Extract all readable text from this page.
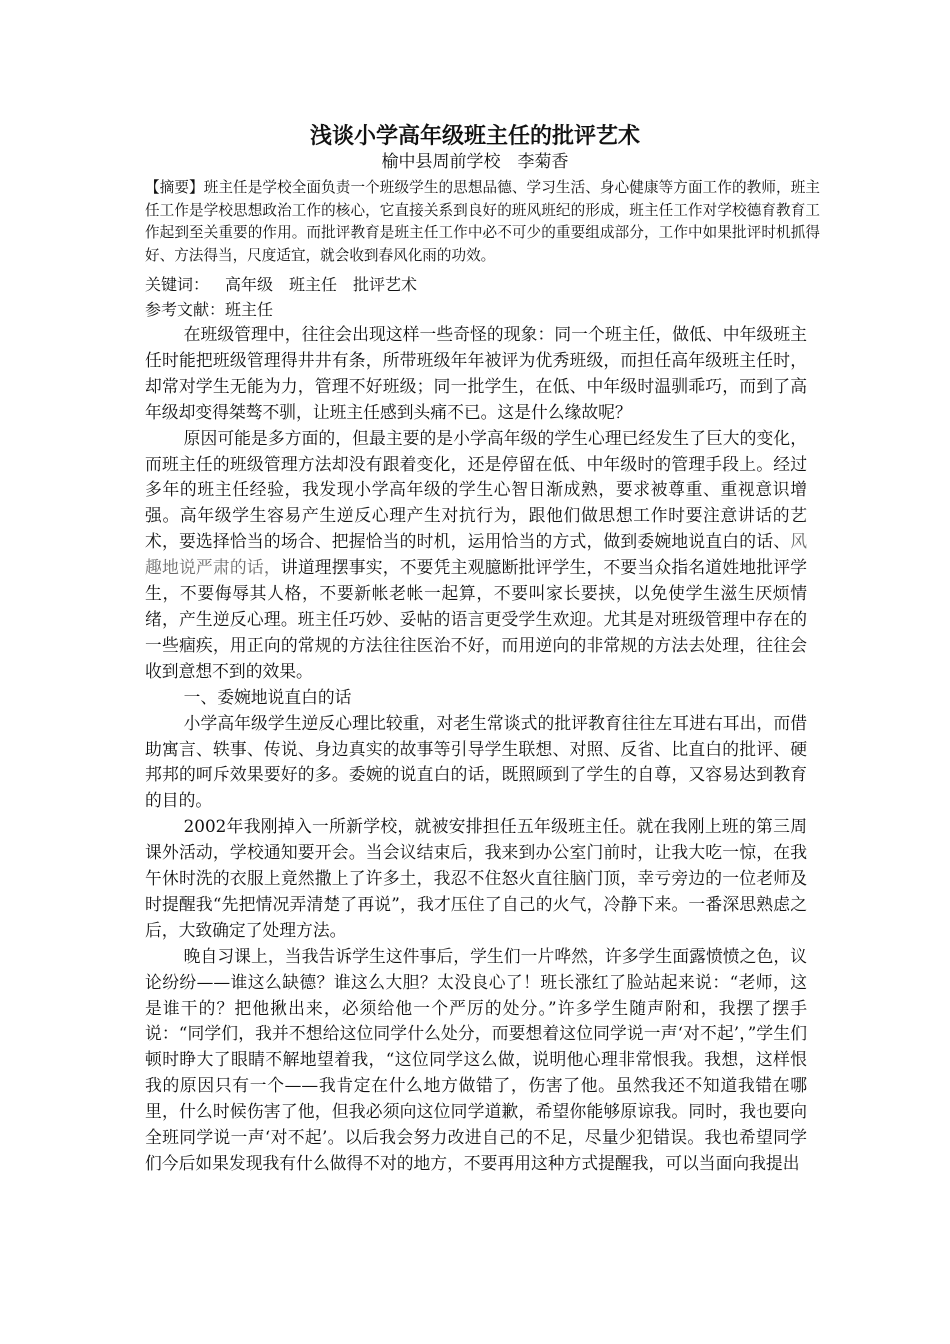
浅谈小学高年级班主任的批评艺术
榆中县周前学校　李菊香

【摘要】班主任是学校全面负责一个班级学生的思想品德、学习生活、身心健康等方面工作的教师，班主任工作是学校思想政治工作的核心，它直接关系到良好的班风班纪的形成，班主任工作对学校德育教育工作起到至关重要的作用。而批评教育是班主任工作中必不可少的重要组成部分，工作中如果批评时机抓得好、方法得当，尺度适宜，就会收到春风化雨的功效。

关键词： 高年级 班主任 批评艺术

参考文献：班主任

在班级管理中，往往会出现这样一些奇怪的现象：同一个班主任，做低、中年级班主任时能把班级管理得井井有条，所带班级年年被评为优秀班级，而担任高年级班主任时，却常对学生无能为力，管理不好班级；同一批学生，在低、中年级时温驯乖巧，而到了高年级却变得桀骜不驯，让班主任感到头痛不已。这是什么缘故呢？

原因可能是多方面的，但最主要的是小学高年级的学生心理已经发生了巨大的变化，而班主任的班级管理方法却没有跟着变化，还是停留在低、中年级时的管理手段上。经过多年的班主任经验，我发现小学高年级的学生心智日渐成熟，要求被尊重、重视意识增强。高年级学生容易产生逆反心理产生对抗行为，跟他们做思想工作时要注意讲话的艺术，要选择恰当的场合、把握恰当的时机，运用恰当的方式，做到委婉地说直白的话、风趣地说严肃的话，讲道理摆事实，不要凭主观臆断批评学生，不要当众指名道姓地批评学生，不要侮辱其人格，不要新帐老帐一起算，不要叫家长要挟，以免使学生滋生厌烦情绪，产生逆反心理。班主任巧妙、妥帖的语言更受学生欢迎。尤其是对班级管理中存在的一些痼疾，用正向的常规的方法往往医治不好，而用逆向的非常规的方法去处理，往往会收到意想不到的效果。

一、委婉地说直白的话

小学高年级学生逆反心理比较重，对老生常谈式的批评教育往往左耳进右耳出，而借助寓言、轶事、传说、身边真实的故事等引导学生联想、对照、反省、比直白的批评、硬邦邦的呵斥效果要好的多。委婉的说直白的话，既照顾到了学生的自尊，又容易达到教育的目的。

2002年我刚掉入一所新学校，就被安排担任五年级班主任。就在我刚上班的第三周课外活动，学校通知要开会。当会议结束后，我来到办公室门前时，让我大吃一惊，在我午休时洗的衣服上竟然撒上了许多土，我忍不住怒火直往脑门顶，幸亏旁边的一位老师及时提醒我“先把情况弄清楚了再说”，我才压住了自己的火气，冷静下来。一番深思熟虑之后，大致确定了处理方法。

晚自习课上，当我告诉学生这件事后，学生们一片哗然，许多学生面露愤愤之色，议论纷纷——谁这么缺德？谁这么大胆？太没良心了！班长涨红了脸站起来说：“老师，这是谁干的？把他揪出来，必须给他一个严厉的处分。”许多学生随声附和，我摆了摆手说：“同学们，我并不想给这位同学什么处分，而要想着这位同学说一声‘对不起’，”学生们顿时睁大了眼睛不解地望着我，“这位同学这么做，说明他心理非常恨我。我想，这样恨我的原因只有一个——我肯定在什么地方做错了，伤害了他。虽然我还不知道我错在哪里，什么时候伤害了他，但我必须向这位同学道歉，希望你能够原谅我。同时，我也要向全班同学说一声‘对不起’。以后我会努力改进自己的不足，尽量少犯错误。我也希望同学们今后如果发现我有什么做得不对的地方，不要再用这种方式提醒我，可以当面向我提出
